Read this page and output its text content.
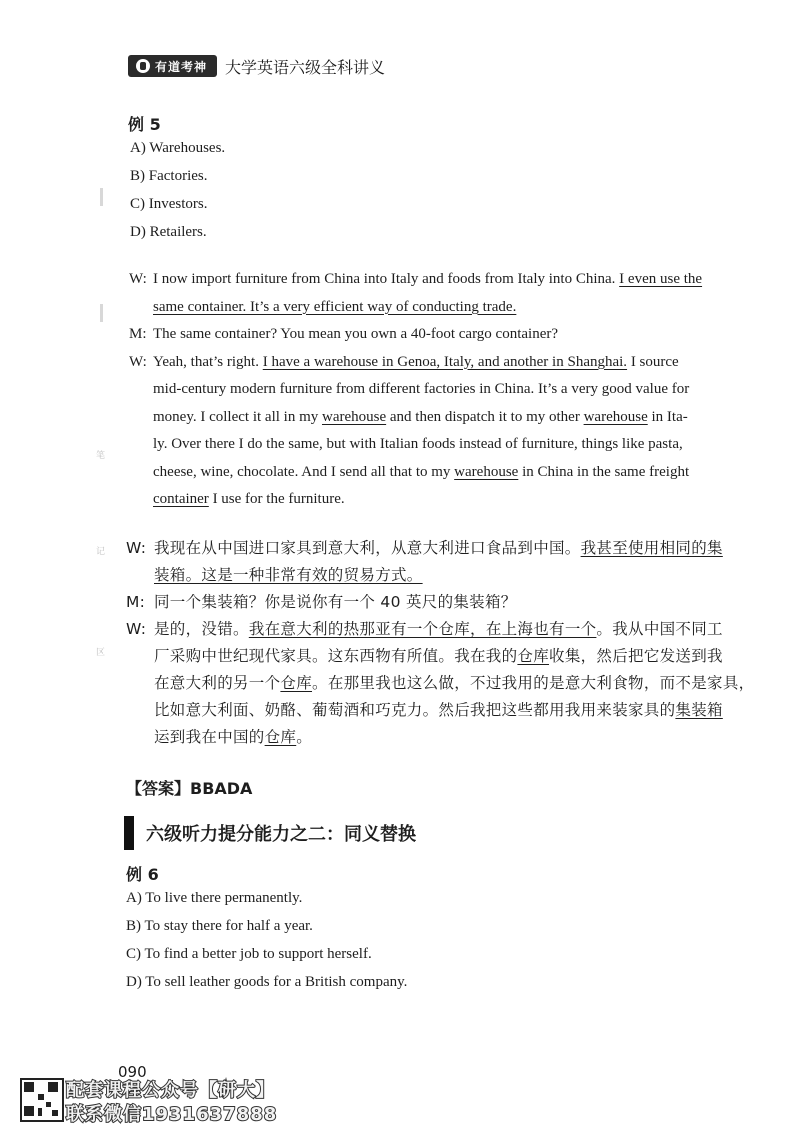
有道考神 大学英语六级全科讲义
笔
记
区
例 5
A) Warehouses.
B) Factories.
C) Investors.
D) Retailers.
W: I now import furniture from China into Italy and foods from Italy into China. I even use the
same container. It’s a very efficient way of conducting trade.
M: The same container? You mean you own a 40-foot cargo container?
W: Yeah, that’s right. I have a warehouse in Genoa, Italy, and another in Shanghai. I source
mid-century modern furniture from different factories in China. It’s a very good value for
money. I collect it all in my warehouse and then dispatch it to my other warehouse in Ita-
ly. Over there I do the same, but with Italian foods instead of furniture, things like pasta,
cheese, wine, chocolate. And I send all that to my warehouse in China in the same freight
container I use for the furniture.
W: 我现在从中国进口家具到意大利，从意大利进口食品到中国。我甚至使用相同的集
装箱。这是一种非常有效的贸易方式。
M: 同一个集装箱？你是说你有一个 40 英尺的集装箱？
W: 是的，没错。我在意大利的热那亚有一个仓库，在上海也有一个。我从中国不同工
厂采购中世纪现代家具。这东西物有所值。我在我的仓库收集，然后把它发送到我
在意大利的另一个仓库。在那里我也这么做，不过我用的是意大利食物，而不是家具，
比如意大利面、奶酪、葡萄酒和巧克力。然后我把这些都用我用来装家具的集装箱
运到我在中国的仓库。
【答案】BBADA
六级听力提分能力之二：同义替换
例 6
A) To live there permanently.
B) To stay there for half a year.
C) To find a better job to support herself.
D) To sell leather goods for a British company.
090
配套课程公众号【研大】
联系微信1931637888
